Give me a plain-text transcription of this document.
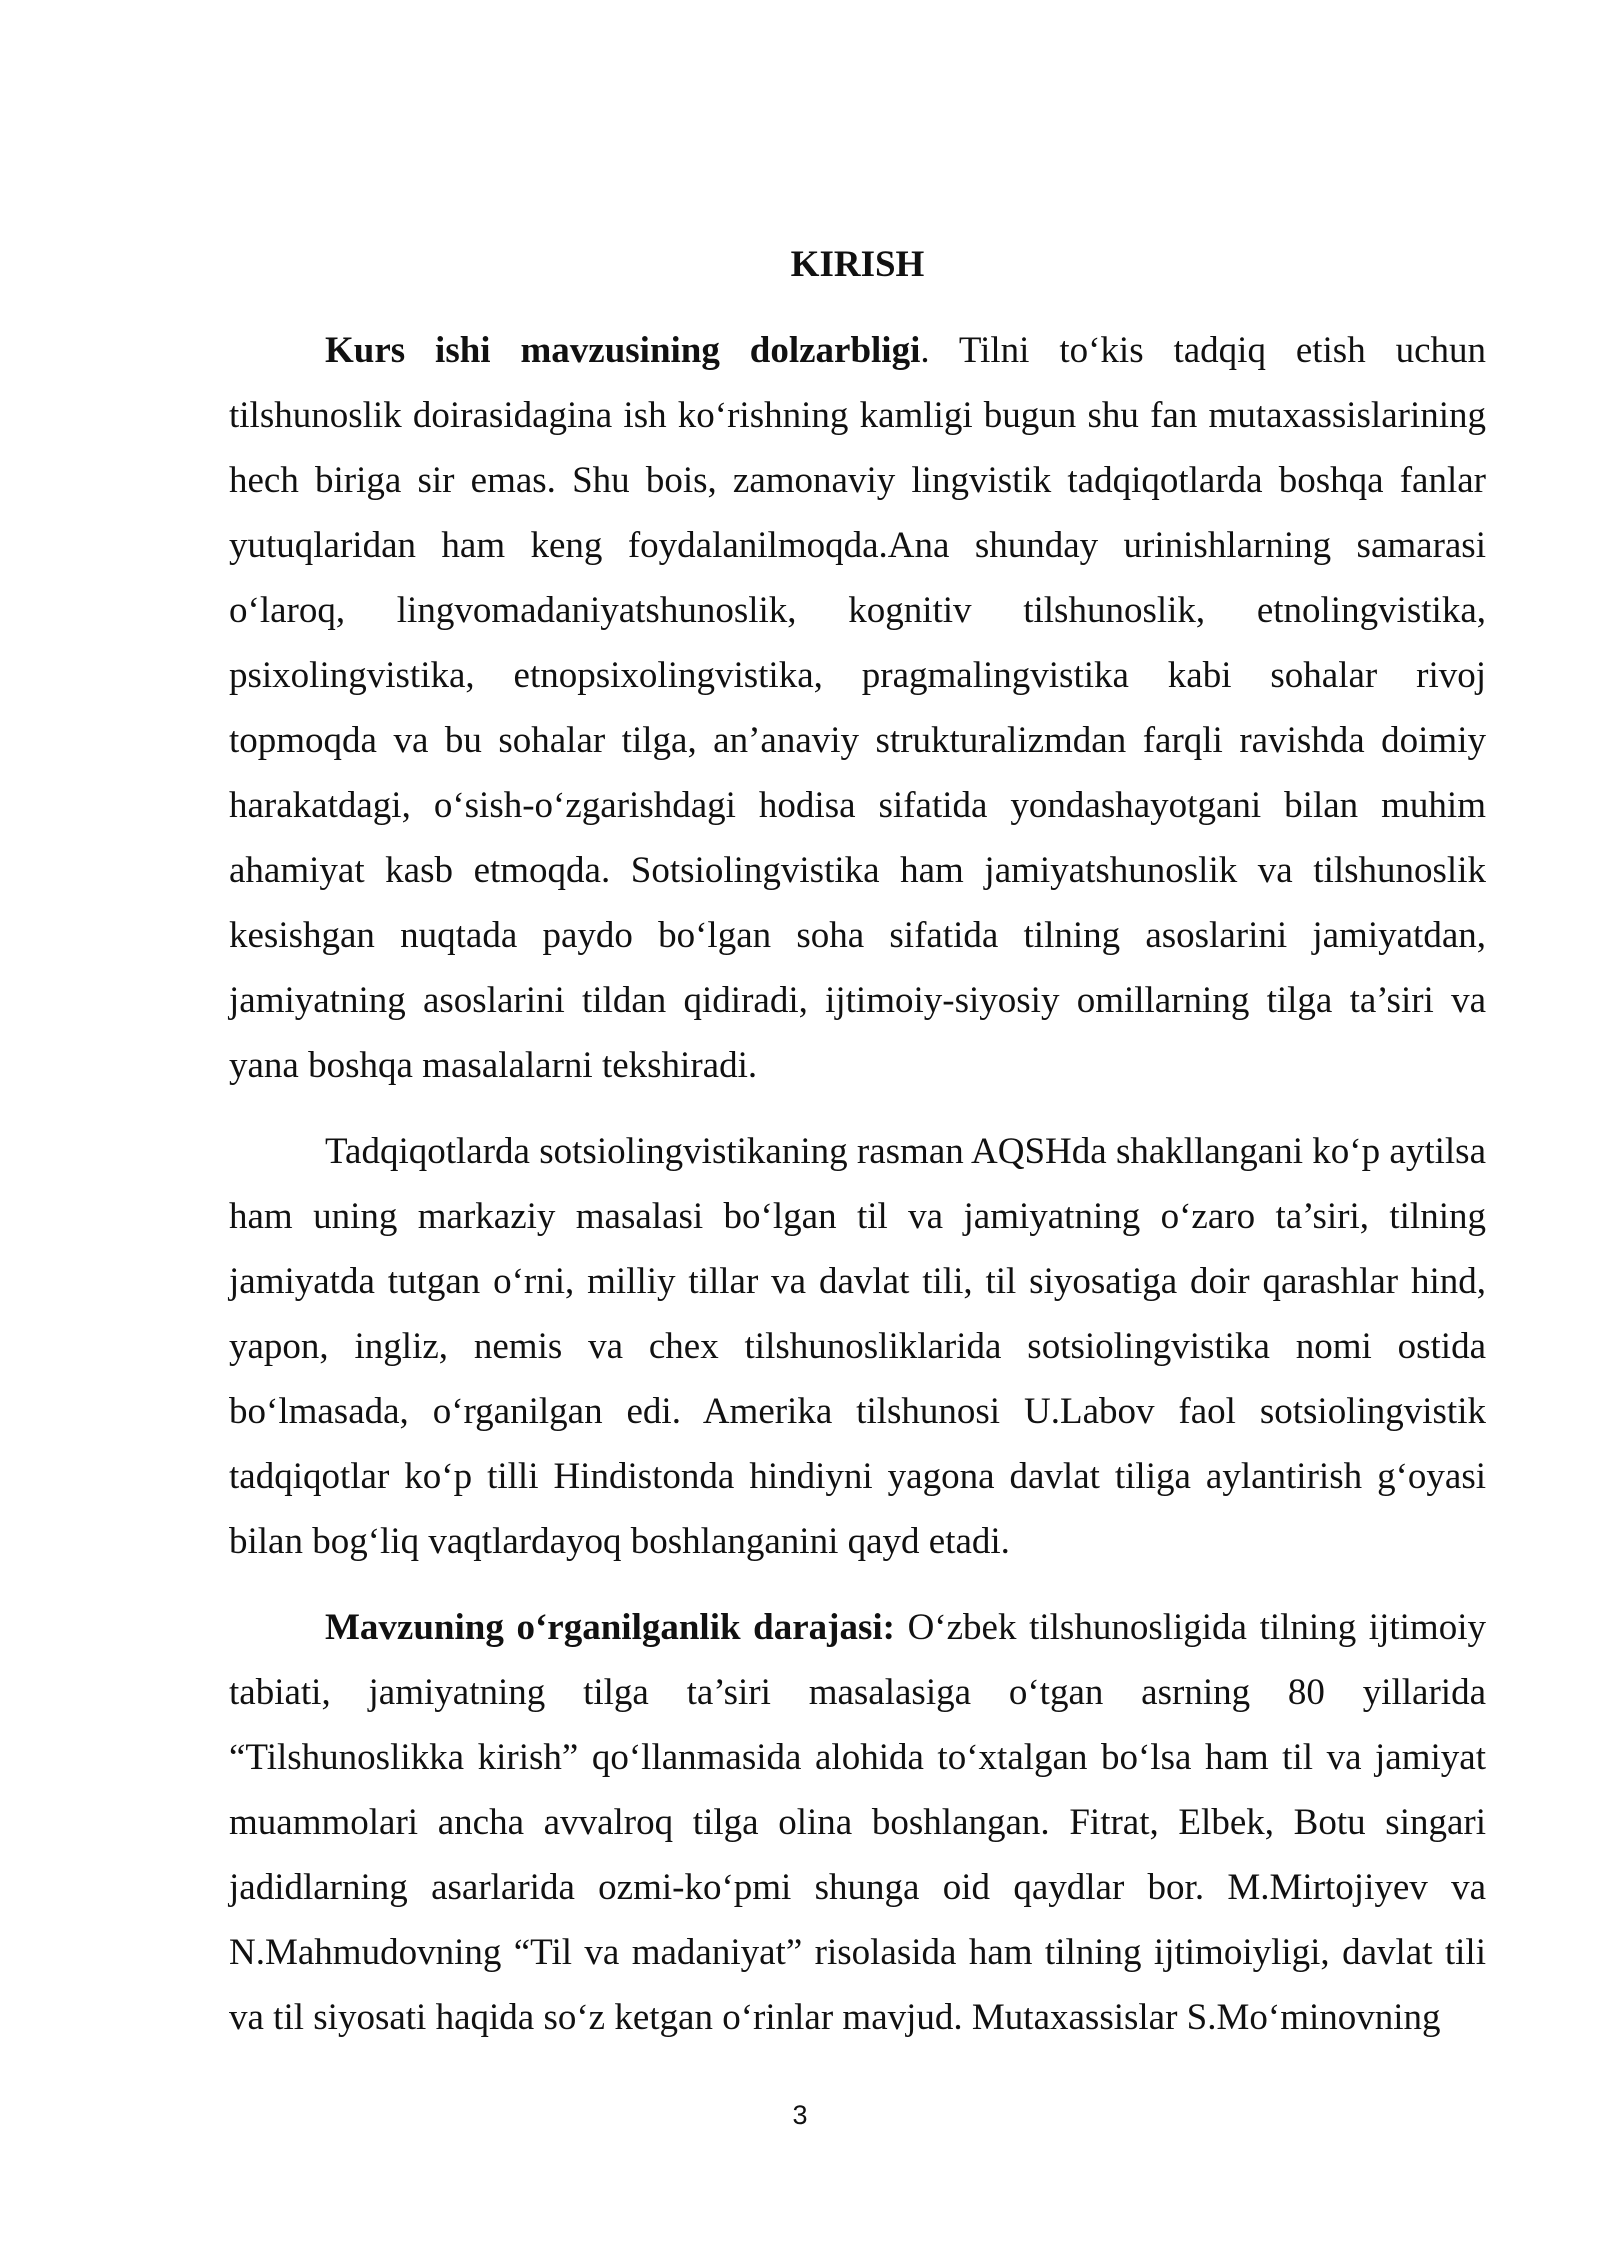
KIRISH

Kurs ishi mavzusining dolzarbligi. Tilni to‘kis tadqiq etish uchun tilshunoslik doirasidagina ish ko‘rishning kamligi bugun shu fan mutaxassislarining hech biriga sir emas. Shu bois, zamonaviy lingvistik tadqiqotlarda boshqa fanlar yutuqlaridan ham keng foydalanilmoqda.Ana shunday urinishlarning samarasi o‘laroq, lingvomadaniyatshunoslik, kognitiv tilshunoslik, etnolingvistika, psixolingvistika, etnopsixolingvistika, pragmalingvistika kabi sohalar rivoj topmoqda va bu sohalar tilga, an’anaviy strukturalizmdan farqli ravishda doimiy harakatdagi, o‘sish-o‘zgarishdagi hodisa sifatida yondashayotgani bilan muhim ahamiyat kasb etmoqda. Sotsiolingvistika ham jamiyatshunoslik va tilshunoslik kesishgan nuqtada paydo bo‘lgan soha sifatida tilning asoslarini jamiyatdan, jamiyatning asoslarini tildan qidiradi, ijtimoiy-siyosiy omillarning tilga ta’siri va yana boshqa masalalarni tekshiradi.

Tadqiqotlarda sotsiolingvistikaning rasman AQSHda shakllangani ko‘p aytilsa ham uning markaziy masalasi bo‘lgan til va jamiyatning o‘zaro ta’siri, tilning jamiyatda tutgan o‘rni, milliy tillar va davlat tili, til siyosatiga doir qarashlar hind, yapon, ingliz, nemis va chex tilshunosliklarida sotsiolingvistika nomi ostida bo‘lmasada, o‘rganilgan edi. Amerika tilshunosi U.Labov faol sotsiolingvistik tadqiqotlar ko‘p tilli Hindistonda hindiyni yagona davlat tiliga aylantirish g‘oyasi bilan bog‘liq vaqtlardayoq boshlanganini qayd etadi.

Mavzuning o‘rganilganlik darajasi: O‘zbek tilshunosligida tilning ijtimoiy tabiati, jamiyatning tilga ta’siri masalasiga o‘tgan asrning 80 yillarida “Tilshunoslikka kirish” qo‘llanmasida alohida to‘xtalgan bo‘lsa ham til va jamiyat muammolari ancha avvalroq tilga olina boshlangan. Fitrat, Elbek, Botu singari jadidlarning asarlarida ozmi-ko‘pmi shunga oid qaydlar bor. M.Mirtojiyev va N.Mahmudovning “Til va madaniyat” risolasida ham tilning ijtimoiyligi, davlat tili va til siyosati haqida so‘z ketgan o‘rinlar mavjud. Mutaxassislar S.Mo‘minovning

3
